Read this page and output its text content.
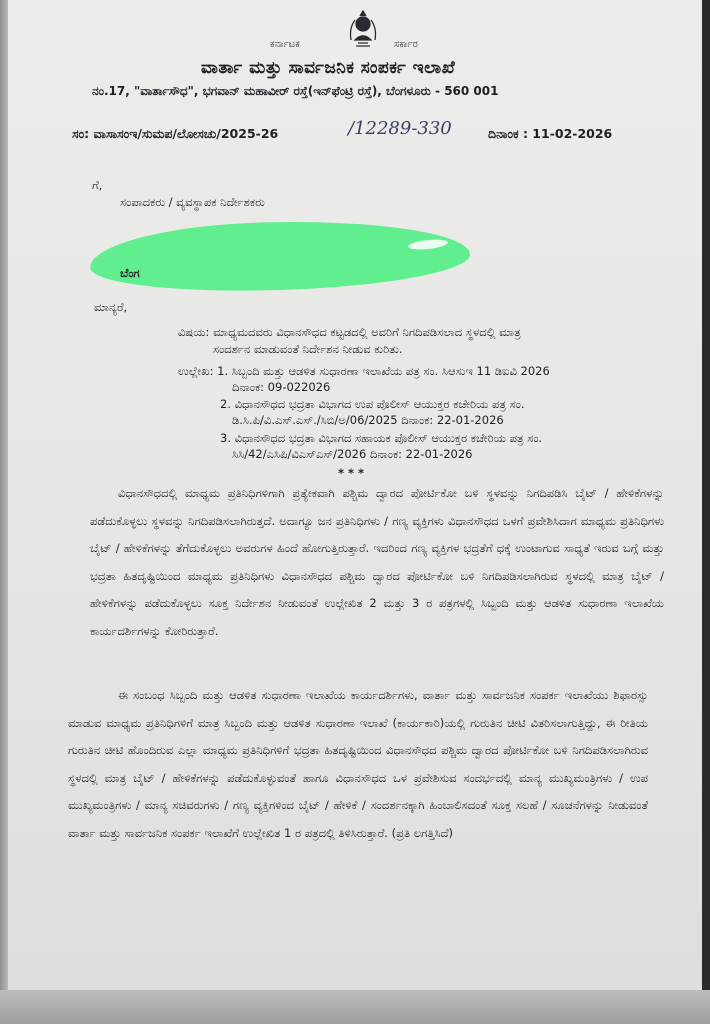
ಕರ್ನಾಟಕ	ಸರ್ಕಾರ
ವಾರ್ತಾ ಮತ್ತು ಸಾರ್ವಜನಿಕ ಸಂಪರ್ಕ ಇಲಾಖೆ
ನಂ.17, "ವಾರ್ತಾಸೌಧ", ಭಗವಾನ್ ಮಹಾವೀರ್ ರಸ್ತೆ(ಇನ್‌ಫೆಂಟ್ರಿ ರಸ್ತೆ), ಬೆಂಗಳೂರು - 560 001
ಸಂ: ವಾಸಾಸಂಇ/ಸುಮಪ/ಲೋಸಚು/2025-26	/12289-330	ದಿನಾಂಕ : 11-02-2026
ಗೆ,
ಸಂಪಾದಕರು / ವ್ಯವಸ್ಥಾಪಕ ನಿರ್ದೇಶಕರು
ಬೆಂಗ
ಮಾನ್ಯರೆ,
ವಿಷಯ: ಮಾಧ್ಯಮದವರು ವಿಧಾನಸೌಧದ ಕಟ್ಟಡದಲ್ಲಿ ಅವರಿಗೆ ನಿಗದಿಪಡಿಸಲಾದ ಸ್ಥಳದಲ್ಲಿ ಮಾತ್ರ
ಸಂದರ್ಶನ ಮಾಡುವಂತೆ ನಿರ್ದೇಶನ ನೀಡುವ ಕುರಿತು.
ಉಲ್ಲೇಖ: 1. ಸಿಬ್ಬಂದಿ ಮತ್ತು ಆಡಳಿತ ಸುಧಾರಣಾ ಇಲಾಖೆಯ ಪತ್ರ ಸಂ. ಸಿಆಸುಇ 11 ಡಿಐವಿ 2026
ದಿನಾಂಕ: 09-022026
2. ವಿಧಾನಸೌಧದ ಭದ್ರತಾ ವಿಭಾಗದ ಉಪ ಪೊಲೀಸ್ ಆಯುಕ್ತರ ಕಚೇರಿಯ ಪತ್ರ ಸಂ.
ಡಿ.ಸಿ.ಪಿ/ವಿ.ಎಸ್.ಎಸ್./ಸಿಬಿ/ಅ/06/2025 ದಿನಾಂಕ: 22-01-2026
3. ವಿಧಾನಸೌಧದ ಭದ್ರತಾ ವಿಭಾಗದ ಸಹಾಯಕ ಪೊಲೀಸ್ ಆಯುಕ್ತರ ಕಚೇರಿಯ ಪತ್ರ ಸಂ.
ಸಿಸಿ/42/ಎಸಿಪಿ/ವಿಎಸ್ಎಸ್/2026 ದಿನಾಂಕ: 22-01-2026
* * *

ವಿಧಾನಸೌಧದಲ್ಲಿ ಮಾಧ್ಯಮ ಪ್ರತಿನಿಧಿಗಳಿಗಾಗಿ ಪ್ರತ್ಯೇಕವಾಗಿ ಪಶ್ಚಿಮ ದ್ವಾರದ ಪೋರ್ಟಿಕೋ ಬಳಿ ಸ್ಥಳವನ್ನು ನಿಗದಿಪಡಿಸಿ ಬೈಟ್ / ಹೇಳಿಕೆಗಳನ್ನು ಪಡೆದುಕೊಳ್ಳಲು ಸ್ಥಳವನ್ನು ನಿಗದಿಪಡಿಸಲಾಗಿರುತ್ತದೆ. ಅದಾಗ್ಯೂ ಜನ ಪ್ರತಿನಿಧಿಗಳು / ಗಣ್ಯ ವ್ಯಕ್ತಿಗಳು ವಿಧಾನಸೌಧದ ಒಳಗೆ ಪ್ರವೇಶಿಸಿದಾಗ ಮಾಧ್ಯಮ ಪ್ರತಿನಿಧಿಗಳು ಬೈಟ್ / ಹೇಳಿಕೆಗಳನ್ನು ತೆಗೆದುಕೊಳ್ಳಲು ಅವರುಗಳ ಹಿಂದೆ ಹೋಗುತ್ತಿರುತ್ತಾರೆ. ಇದರಿಂದ ಗಣ್ಯ ವ್ಯಕ್ತಿಗಳ ಭದ್ರತೆಗೆ ಧಕ್ಕೆ ಉಂಟಾಗುವ ಸಾಧ್ಯತೆ ಇರುವ ಬಗ್ಗೆ ಮತ್ತು ಭದ್ರತಾ ಹಿತದೃಷ್ಟಿಯಿಂದ ಮಾಧ್ಯಮ ಪ್ರತಿನಿಧಿಗಳು ವಿಧಾನಸೌಧದ ಪಶ್ಚಿಮ ದ್ವಾರದ ಪೋರ್ಟಿಕೋ ಬಳಿ ನಿಗದಿಪಡಿಸಲಾಗಿರುವ ಸ್ಥಳದಲ್ಲಿ ಮಾತ್ರ ಬೈಟ್ / ಹೇಳಿಕೆಗಳನ್ನು ಪಡೆದುಕೊಳ್ಳಲು ಸೂಕ್ತ ನಿರ್ದೇಶನ ನೀಡುವಂತೆ ಉಲ್ಲೇಖಿತ 2 ಮತ್ತು 3 ರ ಪತ್ರಗಳಲ್ಲಿ ಸಿಬ್ಬಂದಿ ಮತ್ತು ಆಡಳಿತ ಸುಧಾರಣಾ ಇಲಾಖೆಯ ಕಾರ್ಯದರ್ಶಿಗಳನ್ನು ಕೋರಿರುತ್ತಾರೆ.

ಈ ಸಂಬಂಧ ಸಿಬ್ಬಂದಿ ಮತ್ತು ಆಡಳಿತ ಸುಧಾರಣಾ ಇಲಾಖೆಯ ಕಾರ್ಯದರ್ಶಿಗಳು, ವಾರ್ತಾ ಮತ್ತು ಸಾರ್ವಜನಿಕ ಸಂಪರ್ಕ ಇಲಾಖೆಯು ಶಿಫಾರಸ್ಸು ಮಾಡುವ ಮಾಧ್ಯಮ ಪ್ರತಿನಿಧಿಗಳಿಗೆ ಮಾತ್ರ ಸಿಬ್ಬಂದಿ ಮತ್ತು ಆಡಳಿತ ಸುಧಾರಣಾ ಇಲಾಖೆ (ಕಾರ್ಯಕಾರಿ)ಯಲ್ಲಿ ಗುರುತಿನ ಚೀಟಿ ವಿತರಿಸಲಾಗುತ್ತಿದ್ದು, ಈ ರೀತಿಯ ಗುರುತಿನ ಚೀಟಿ ಹೊಂದಿರುವ ಎಲ್ಲಾ ಮಾಧ್ಯಮ ಪ್ರತಿನಿಧಿಗಳಿಗೆ ಭದ್ರತಾ ಹಿತದೃಷ್ಟಿಯಿಂದ ವಿಧಾನಸೌಧದ ಪಶ್ಚಿಮ ದ್ವಾರದ ಪೋರ್ಟಿಕೋ ಬಳಿ ನಿಗದಿಪಡಿಸಲಾಗಿರುವ ಸ್ಥಳದಲ್ಲಿ ಮಾತ್ರ ಬೈಟ್ / ಹೇಳಿಕೆಗಳನ್ನು ಪಡೆದುಕೊಳ್ಳುವಂತೆ ಹಾಗೂ ವಿಧಾನಸೌಧದ ಒಳ ಪ್ರವೇಶಿಸುವ ಸಂದರ್ಭದಲ್ಲಿ ಮಾನ್ಯ ಮುಖ್ಯಮಂತ್ರಿಗಳು / ಉಪ ಮುಖ್ಯಮಂತ್ರಿಗಳು / ಮಾನ್ಯ ಸಚಿವರುಗಳು / ಗಣ್ಯ ವ್ಯಕ್ತಿಗಳಿಂದ ಬೈಟ್ / ಹೇಳಿಕೆ / ಸಂದರ್ಶನಕ್ಕಾಗಿ ಹಿಂಬಾಲಿಸದಂತೆ ಸೂಕ್ತ ಸಲಹೆ / ಸೂಚನೆಗಳನ್ನು ನೀಡುವಂತೆ ವಾರ್ತಾ ಮತ್ತು ಸಾರ್ವಜನಿಕ ಸಂಪರ್ಕ ಇಲಾಖೆಗೆ ಉಲ್ಲೇಖಿತ 1 ರ ಪತ್ರದಲ್ಲಿ ತಿಳಿಸಿರುತ್ತಾರೆ. (ಪ್ರತಿ ಲಗತ್ತಿಸಿದೆ)
